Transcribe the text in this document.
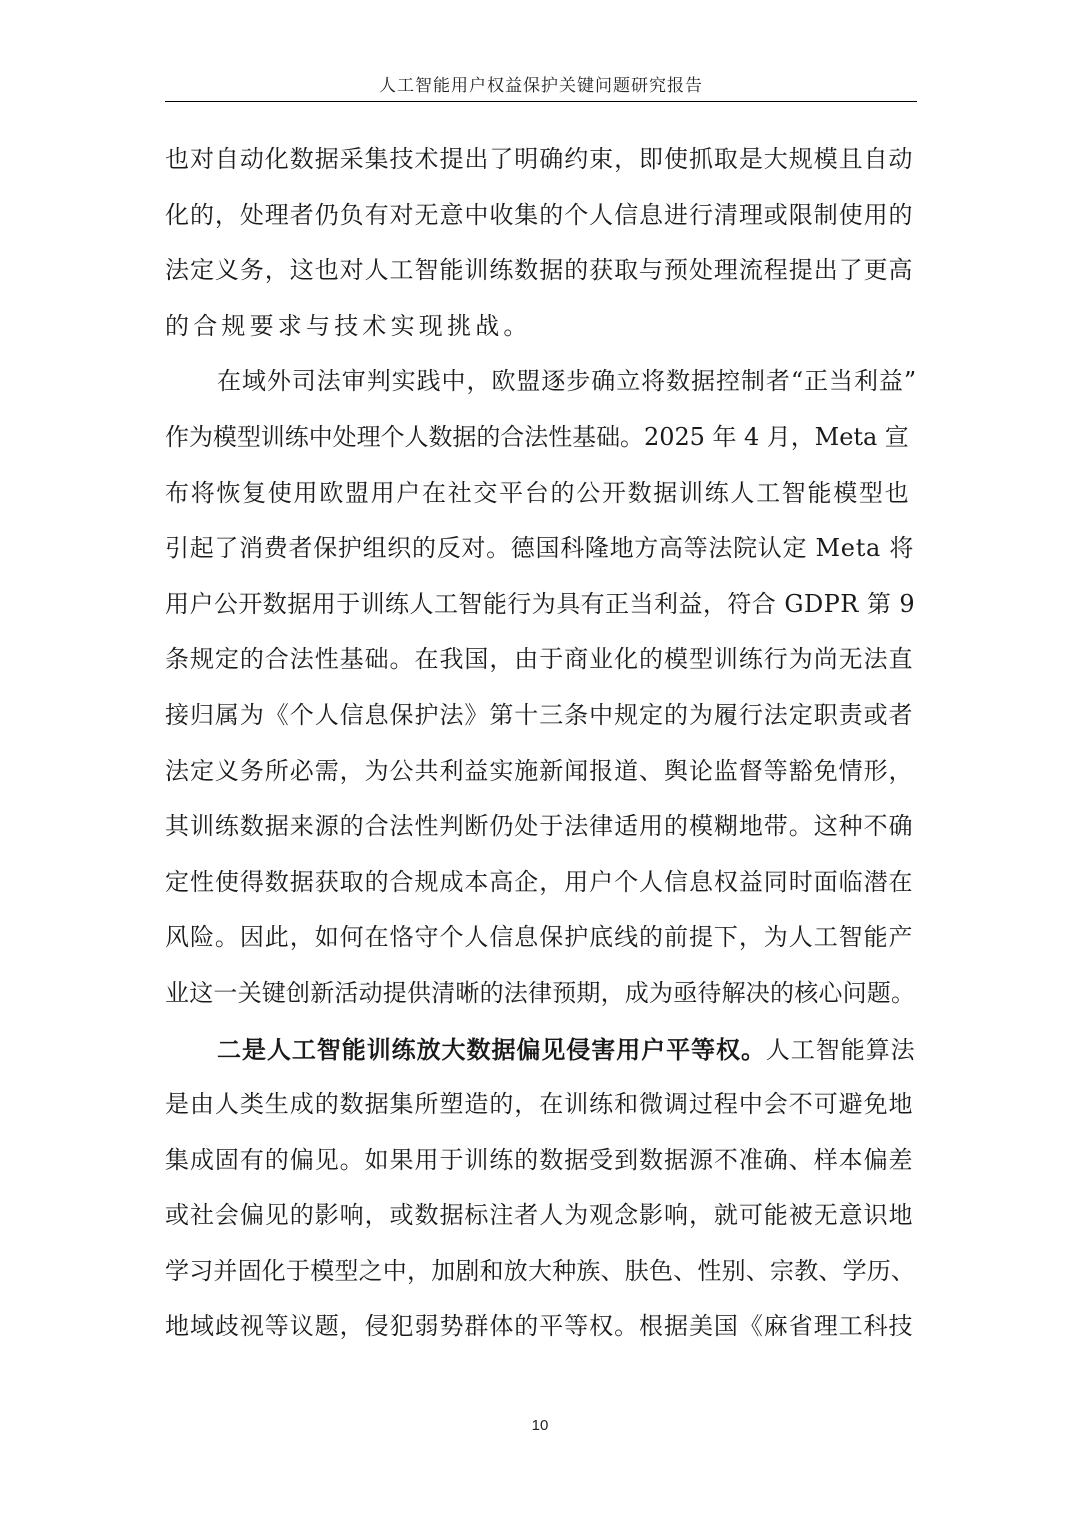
人工智能用户权益保护关键问题研究报告
也对自动化数据采集技术提出了明确约束，即使抓取是大规模且自动
化的，处理者仍负有对无意中收集的个人信息进行清理或限制使用的
法定义务，这也对人工智能训练数据的获取与预处理流程提出了更高
的合规要求与技术实现挑战。
在域外司法审判实践中，欧盟逐步确立将数据控制者“正当利益”
作为模型训练中处理个人数据的合法性基础。2025 年 4 月，Meta 宣
布将恢复使用欧盟用户在社交平台的公开数据训练人工智能模型也
引起了消费者保护组织的反对。德国科隆地方高等法院认定 Meta 将
用户公开数据用于训练人工智能行为具有正当利益，符合 GDPR 第 9
条规定的合法性基础。在我国，由于商业化的模型训练行为尚无法直
接归属为《个人信息保护法》第十三条中规定的为履行法定职责或者
法定义务所必需，为公共利益实施新闻报道、舆论监督等豁免情形，
其训练数据来源的合法性判断仍处于法律适用的模糊地带。这种不确
定性使得数据获取的合规成本高企，用户个人信息权益同时面临潜在
风险。因此，如何在恪守个人信息保护底线的前提下，为人工智能产
业这一关键创新活动提供清晰的法律预期，成为亟待解决的核心问题。
二是人工智能训练放大数据偏见侵害用户平等权。人工智能算法
是由人类生成的数据集所塑造的，在训练和微调过程中会不可避免地
集成固有的偏见。如果用于训练的数据受到数据源不准确、样本偏差
或社会偏见的影响，或数据标注者人为观念影响，就可能被无意识地
学习并固化于模型之中，加剧和放大种族、肤色、性别、宗教、学历、
地域歧视等议题，侵犯弱势群体的平等权。根据美国《麻省理工科技
10
